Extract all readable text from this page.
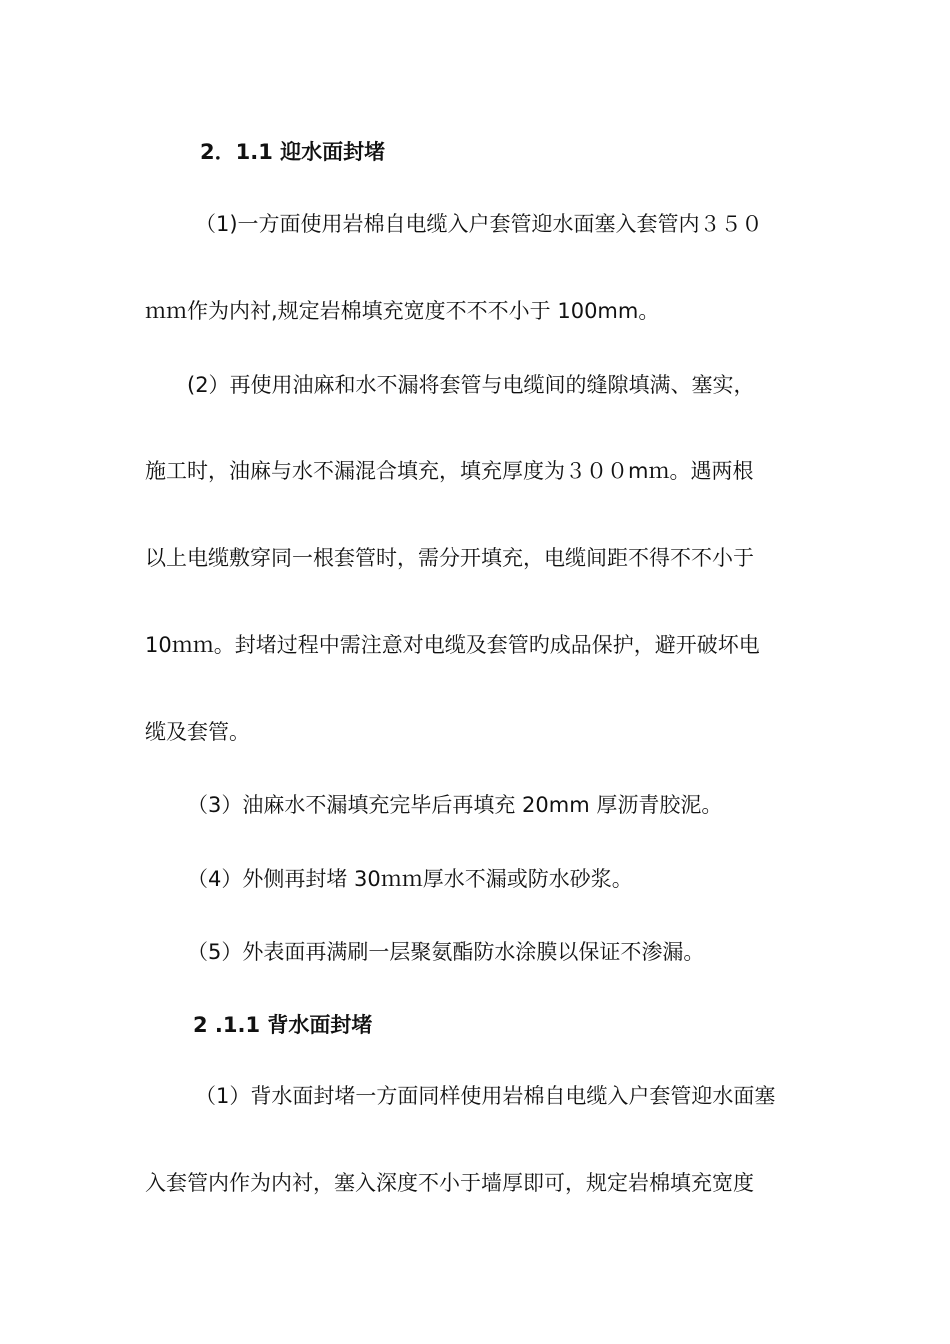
2．1.1 迎水面封堵
（1)一方面使用岩棉自电缆入户套管迎水面塞入套管内３５０
ｍｍ作为内衬,规定岩棉填充宽度不不不小于 100mm。
(2）再使用油麻和水不漏将套管与电缆间的缝隙填满、塞实，
施工时，油麻与水不漏混合填充，填充厚度为３００mｍ。遇两根
以上电缆敷穿同一根套管时，需分开填充，电缆间距不得不不小于
10ｍｍ。封堵过程中需注意对电缆及套管旳成品保护，避开破坏电
缆及套管。
（3）油麻水不漏填充完毕后再填充 20mm 厚沥青胶泥。
（4）外侧再封堵 30ｍｍ厚水不漏或防水砂浆。
（5）外表面再满刷一层聚氨酯防水涂膜以保证不渗漏。
2 .1.1 背水面封堵
（1）背水面封堵一方面同样使用岩棉自电缆入户套管迎水面塞
入套管内作为内衬，塞入深度不小于墙厚即可，规定岩棉填充宽度
